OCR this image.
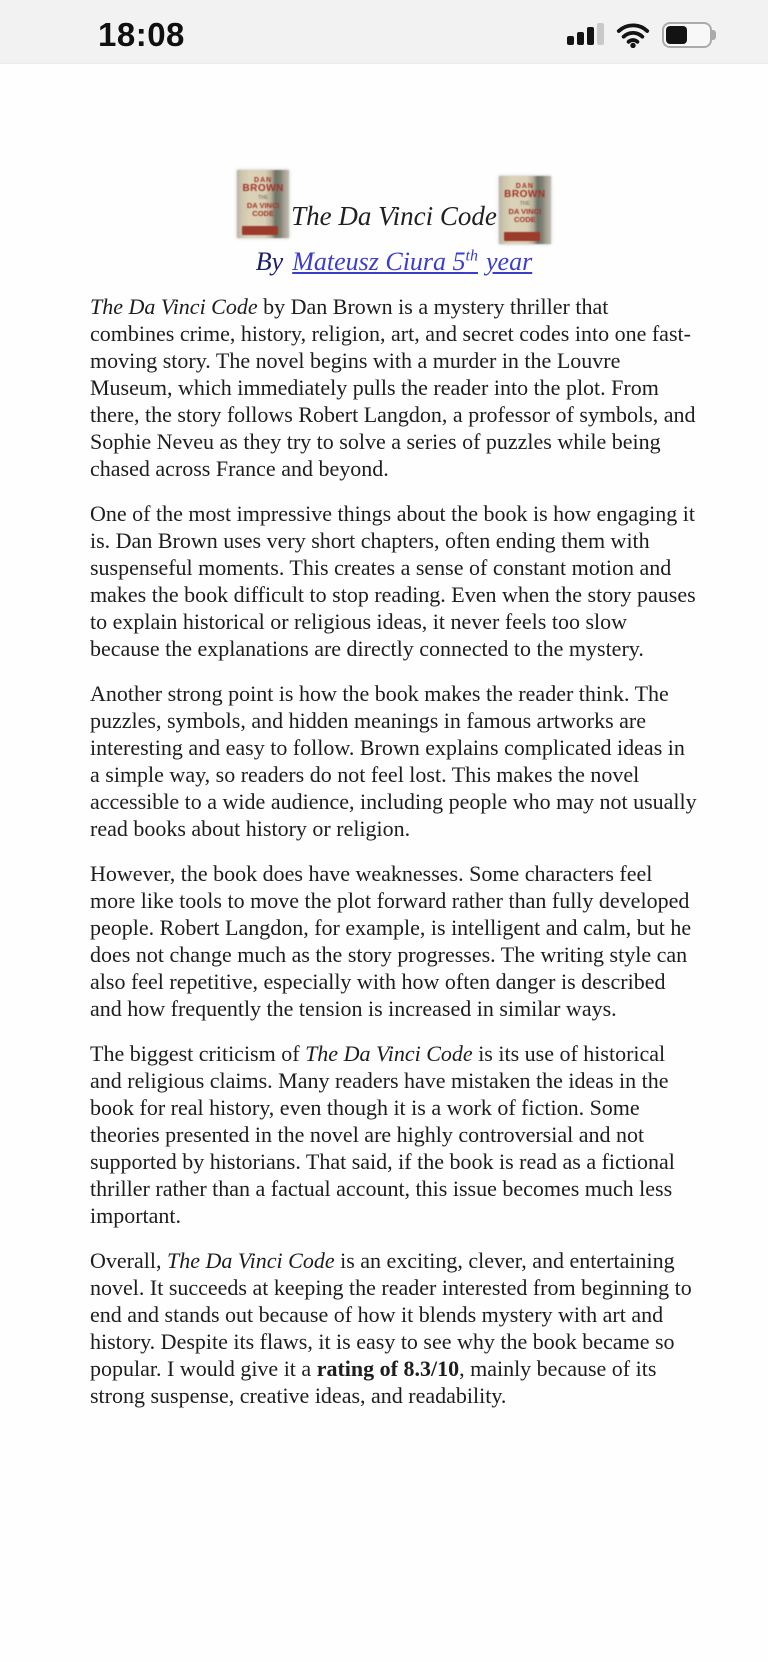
18:08
DAN
BROWN
THE
DA VINCI
CODE The Da Vinci Code
DAN
BROWN
THE
DA VINCI
CODE
By Mateusz Ciura 5th year

The Da Vinci Code by Dan Brown is a mystery thriller that combines crime, history, religion, art, and secret codes into one fast-moving story. The novel begins with a murder in the Louvre Museum, which immediately pulls the reader into the plot. From there, the story follows Robert Langdon, a professor of symbols, and Sophie Neveu as they try to solve a series of puzzles while being chased across France and beyond.

One of the most impressive things about the book is how engaging it is. Dan Brown uses very short chapters, often ending them with suspenseful moments. This creates a sense of constant motion and makes the book difficult to stop reading. Even when the story pauses to explain historical or religious ideas, it never feels too slow because the explanations are directly connected to the mystery.

Another strong point is how the book makes the reader think. The puzzles, symbols, and hidden meanings in famous artworks are interesting and easy to follow. Brown explains complicated ideas in a simple way, so readers do not feel lost. This makes the novel accessible to a wide audience, including people who may not usually read books about history or religion.

However, the book does have weaknesses. Some characters feel more like tools to move the plot forward rather than fully developed people. Robert Langdon, for example, is intelligent and calm, but he does not change much as the story progresses. The writing style can also feel repetitive, especially with how often danger is described and how frequently the tension is increased in similar ways.

The biggest criticism of The Da Vinci Code is its use of historical and religious claims. Many readers have mistaken the ideas in the book for real history, even though it is a work of fiction. Some theories presented in the novel are highly controversial and not supported by historians. That said, if the book is read as a fictional thriller rather than a factual account, this issue becomes much less important.

Overall, The Da Vinci Code is an exciting, clever, and entertaining novel. It succeeds at keeping the reader interested from beginning to end and stands out because of how it blends mystery with art and history. Despite its flaws, it is easy to see why the book became so popular. I would give it a rating of 8.3/10, mainly because of its strong suspense, creative ideas, and readability.
